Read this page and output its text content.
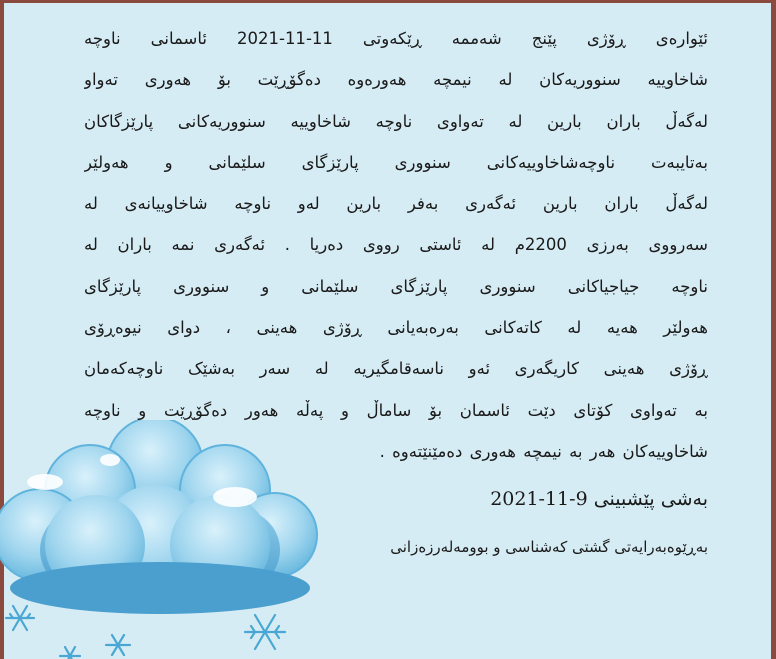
ئێوارەی ڕۆژی پێنج شەممە ڕێکەوتی 11-11-2021 ئاسمانی ناوچە
شاخاوییە سنووریەکان لە نیمچە هەورەوە دەگۆڕێت بۆ هەوری تەواو
لەگەڵ باران بارین لە تەواوی ناوچە شاخاوییە سنووریەکانی پارێزگاکان
بەتایبەت ناوچەشاخاوییەکانی سنووری پارێزگای سلێمانی و هەولێر
لەگەڵ باران بارین ئەگەری بەفر بارین لەو ناوچە شاخاوییانەی لە
سەرووی بەرزی 2200م لە ئاستی رووی دەریا . ئەگەری نمە باران لە
ناوچە جیاجیاکانی سنووری پارێزگای سلێمانی و سنووری پارێزگای
هەولێر هەیە لە کاتەکانی بەرەبەیانی ڕۆژی هەینی ، دوای نیوەڕۆی
ڕۆژی هەینی کاریگەری ئەو ناسەقامگیریە لە سەر بەشێک ناوچەکەمان
بە تەواوی کۆتای دێت ئاسمان بۆ ساماڵ و پەڵە هەور دەگۆڕێت و ناوچە
شاخاوییەکان هەر بە نیمچە هەوری دەمێنێتەوە .
بەشی پێشبینی 9-11-2021
بەڕێوەبەرایەتی گشتی کەشناسی و بوومەلەرزەزانی
